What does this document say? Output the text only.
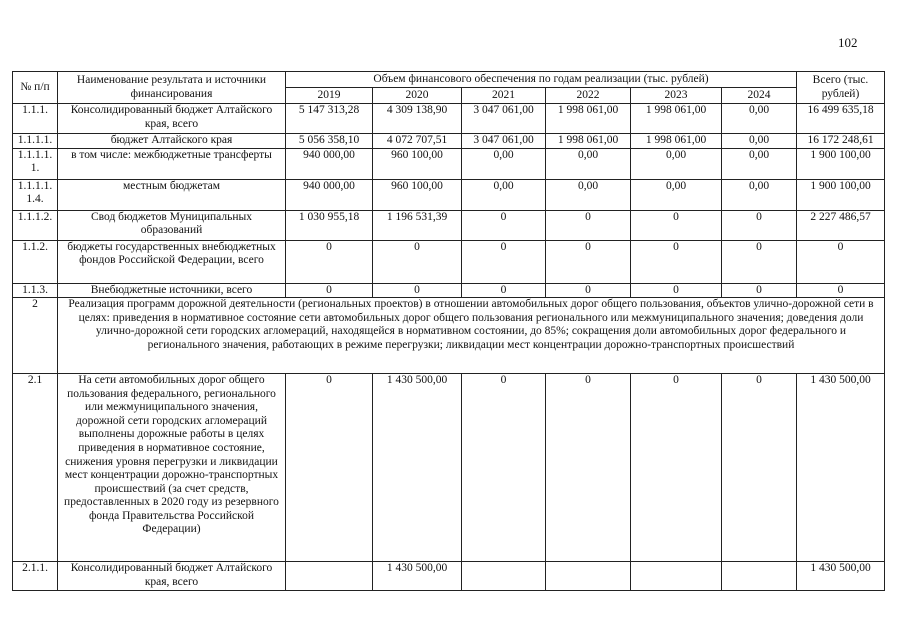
102
№ п/п	Наименование результата и источники финансирования	Объем финансового обеспечения по годам реализации (тыс. рублей)						Всего (тыс. рублей)
		2019	2020	2021	2022	2023	2024	
1.1.1.	Консолидированный бюджет Алтайского края, всего	5 147 313,28	4 309 138,90	3 047 061,00	1 998 061,00	1 998 061,00	0,00	16 499 635,18
1.1.1.1.	бюджет Алтайского края	5 056 358,10	4 072 707,51	3 047 061,00	1 998 061,00	1 998 061,00	0,00	16 172 248,61
1.1.1.1. 1.	в том числе: межбюджетные трансферты	940 000,00	960 100,00	0,00	0,00	0,00	0,00	1 900 100,00
1.1.1.1. 1.4.	местным бюджетам	940 000,00	960 100,00	0,00	0,00	0,00	0,00	1 900 100,00
1.1.1.2.	Свод бюджетов Муниципальных образований	1 030 955,18	1 196 531,39	0	0	0	0	2 227 486,57
1.1.2.	бюджеты государственных внебюджетных фондов Российской Федерации, всего	0	0	0	0	0	0	0
1.1.3.	Внебюджетные источники, всего	0	0	0	0	0	0	0
2	Реализация программ дорожной деятельности (региональных проектов) в отношении автомобильных дорог общего пользования, объектов улично-дорожной сети в целях: приведения в нормативное состояние сети автомобильных дорог общего пользования регионального или межмуниципального значения; доведения доли улично-дорожной сети городских агломераций, находящейся в нормативном состоянии, до 85%; сокращения доли автомобильных дорог федерального и регионального значения, работающих в режиме перегрузки; ликвидации мест концентрации дорожно-транспортных происшествий							
2.1	На сети автомобильных дорог общего пользования федерального, регионального или межмуниципального значения, дорожной сети городских агломераций выполнены дорожные работы в целях приведения в нормативное состояние, снижения уровня перегрузки и ликвидации мест концентрации дорожно-транспортных происшествий (за счет средств, предоставленных в 2020 году из резервного фонда Правительства Российской Федерации)	0	1 430 500,00	0	0	0	0	1 430 500,00
2.1.1.	Консолидированный бюджет Алтайского края, всего		1 430 500,00					1 430 500,00
